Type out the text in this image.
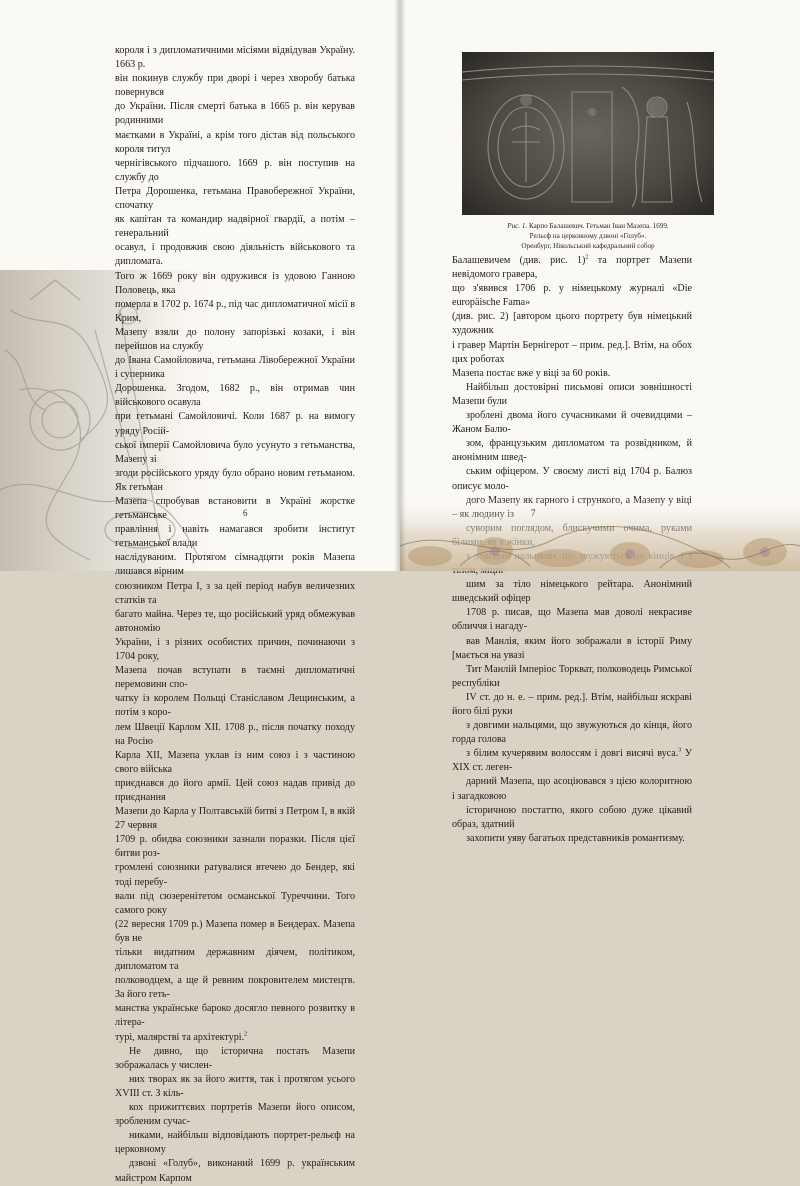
короля і з дипломатичними місіями відвідував Україну. 1663 р.
він покинув службу при дворі і через хворобу батька повернувся
до України. Після смерті батька в 1665 р. він керував родинними
маєтками в Україні, а крім того дістав від польського короля титул
чернігівського підчашого. 1669 р. він поступив на службу до
Петра Дорошенка, гетьмана Правобережної України, спочатку
як капітан та командир надвірної гвардії, а потім – генеральний
осавул, і продовжив свою діяльність військового та дипломата.
Того ж 1669 року він одружився із удовою Ганною Половець, яка
померла в 1702 р. 1674 р., під час дипломатичної місії в Крим,
Мазепу взяли до полону запорізькі козаки, і він перейшов на службу
до Івана Самойловича, гетьмана Лівобережної України і суперника
Дорошенка. Згодом, 1682 р., він отримав чин військового осавула
при гетьмані Самойловичі. Коли 1687 р. на вимогу уряду Росій-
ської імперії Самойловича було усунуто з гетьманства, Мазепу зі
згоди російського уряду було обрано новим гетьманом. Як гетьман
Мазепа спробував встановити в Україні жорстке гетьманське
правління і навіть намагався зробити інститут гетьманської влади
наслідуваним. Протягом сімнадцяти років Мазепа лишався вірним
союзником Петра І, з за цей період набув величезних статків та
багато майна. Через те, що російський уряд обмежував автономію
України, і з різних особистих причин, починаючи з 1704 року,
Мазепа почав вступати в таємні дипломатичні перемовини спо-
чатку із королем Польщі Станіславом Лещинським, а потім з коро-
лем Швеції Карлом XII. 1708 р., після початку походу на Росію
Карла XII, Мазепа уклав із ним союз і з частиною свого війська
приєднався до його армії. Цей союз надав привід до приєднання
Мазепи до Карла у Полтавській битві з Петром І, в якій 27 червня
1709 р. обидва союзники зазнали поразки. Після цієї битви роз-
громлені союзники ратувалися втечею до Бендер, які тоді перебу-
вали під сюзеренітетом османської Туреччини. Того самого року
(22 вересня 1709 р.) Мазепа помер в Бендерах. Мазепа був не
тільки видатним державним діячем, політиком, дипломатом та
полководцем, а ще й ревним покровителем мистецтв. За його геть-
манства українське бароко досягло певного розвитку в літера-
турі, малярстві та архітектурі.$^2$

Не дивно, що історична постать Мазепи зображалась у числен-
них творах як за його життя, так і протягом усього XVIII ст. З кіль-
кох прижиттєвих портретів Мазепи його описом, зробленим сучас-
никами, найбільш відповідають портрет-рельєф на церковному
дзвоні «Голуб», виконаний 1699 р. українським майстром Карпом

6
Рис. 1. Карпо Балашевич. Гетьман Іван Мазепа. 1699.
Рельєф на церковному дзвоні «Голуб».
Оренбург, Нікольський кафедральний собор

Балашевичем (див. рис. 1)$^2$ та портрет Мазепи невідомого гравера,
що з'явився 1706 р. у німецькому журналі «Die europäische Fama»
(див. рис. 2) [автором цього портрету був німецький художник
і гравер Мартін Бернігерот – прим. ред.]. Втім, на обох цих роботах
Мазепа постає вже у віці за 60 років.

Найбільш достовірні письмові описи зовнішності Мазепи були
зроблені двома його сучасниками й очевидцями – Жаном Балю-
зом, французьким дипломатом та розвідником, й анонімним швед-
ським офіцером. У своєму листі від 1704 р. Балюз описує моло-
шим за тіло німецького рейтара. Анонімний шведський офіцер
1708 р. писав, що Мазепа мав доволі некрасиве обличчя і нагаду-
вав Манлія, яким його зображали в історії Риму [мається на увазі
Тит Манлій Імперіос Торкват, полководець Римської республіки
IV ст. до н. е. – прим. ред.]. Втім, найбільш яскраві його білі руки
з довгими нальцями, що звужуються до кінця, його горда голова
з білим кучерявим волоссям і довгі висячі вуса.$^3$ У ХІХ ст. леген-
дарний Мазепа, що асоціювався з цією колоритною і загадковою
історичною постаттю, якого собою дуже цікавий образ, здатний
захопити уяву багатьох представників романтизму.

7
